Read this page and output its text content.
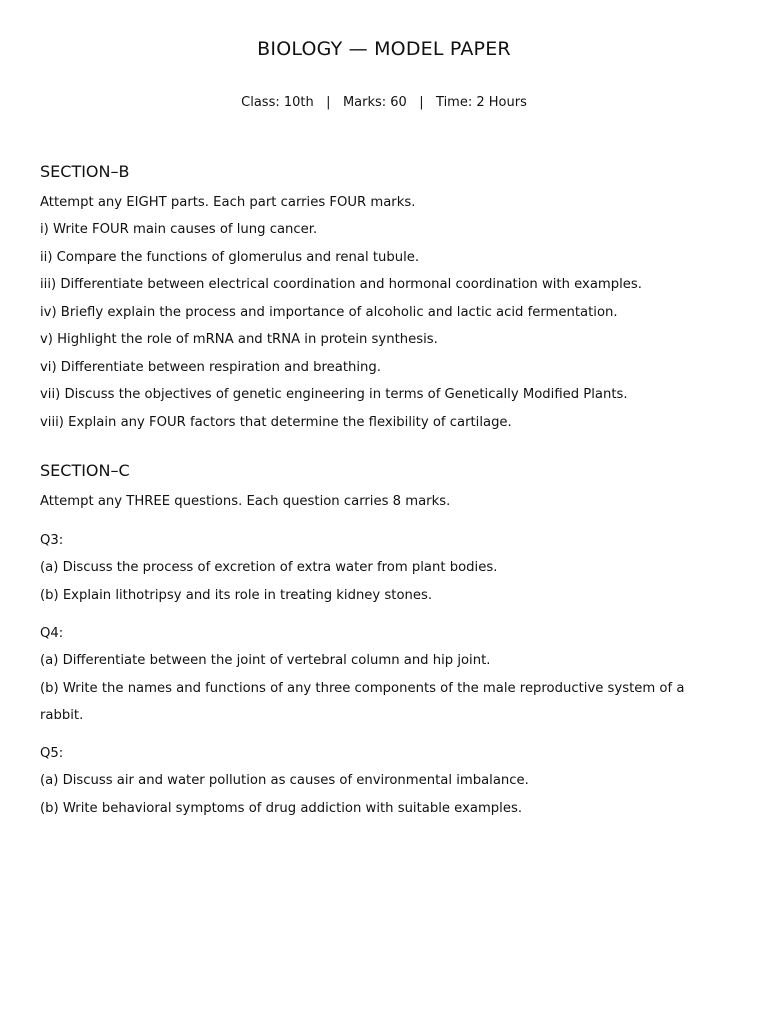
BIOLOGY — MODEL PAPER
Class: 10th | Marks: 60 | Time: 2 Hours
SECTION–B
Attempt any EIGHT parts. Each part carries FOUR marks.
i) Write FOUR main causes of lung cancer.
ii) Compare the functions of glomerulus and renal tubule.
iii) Differentiate between electrical coordination and hormonal coordination with examples.
iv) Briefly explain the process and importance of alcoholic and lactic acid fermentation.
v) Highlight the role of mRNA and tRNA in protein synthesis.
vi) Differentiate between respiration and breathing.
vii) Discuss the objectives of genetic engineering in terms of Genetically Modified Plants.
viii) Explain any FOUR factors that determine the flexibility of cartilage.
SECTION–C
Attempt any THREE questions. Each question carries 8 marks.
Q3:
(a) Discuss the process of excretion of extra water from plant bodies.
(b) Explain lithotripsy and its role in treating kidney stones.
Q4:
(a) Differentiate between the joint of vertebral column and hip joint.
(b) Write the names and functions of any three components of the male reproductive system of a rabbit.
Q5:
(a) Discuss air and water pollution as causes of environmental imbalance.
(b) Write behavioral symptoms of drug addiction with suitable examples.
